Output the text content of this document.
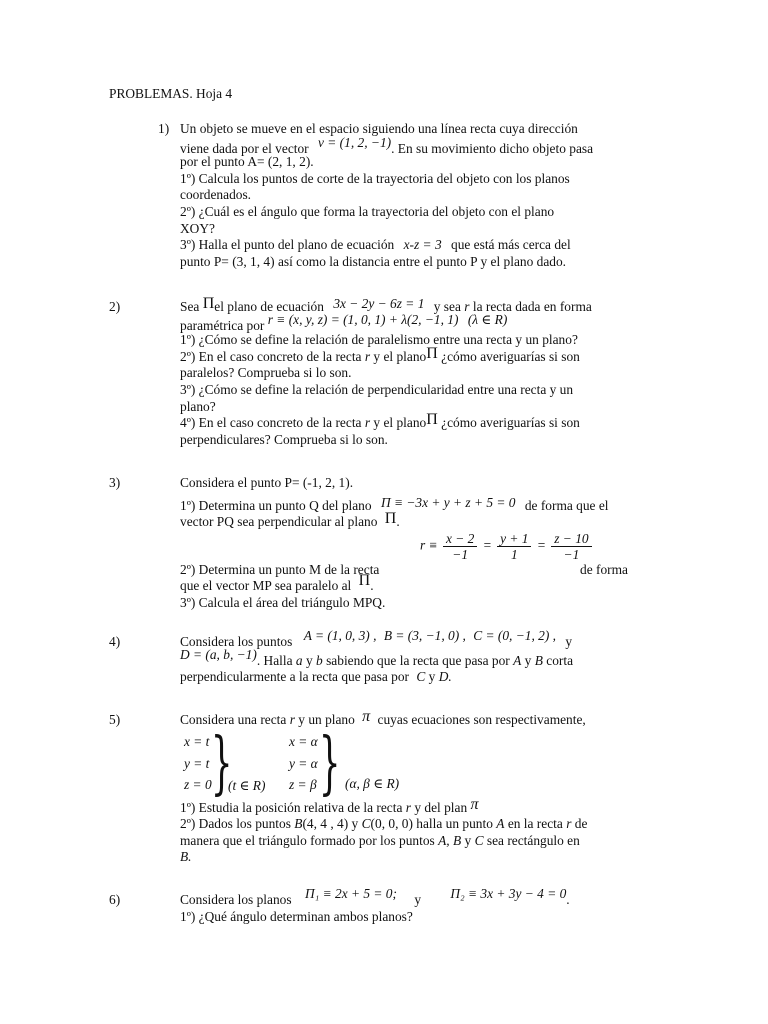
PROBLEMAS. Hoja 4
1) Un objeto se mueve en el espacio siguiendo una línea recta cuya dirección
viene dada por el vector v = (1, 2, −1). En su movimiento dicho objeto pasa
por el punto A= (2, 1, 2).
1º) Calcula los puntos de corte de la trayectoria del objeto con los planos
coordenados.
2º) ¿Cuál es el ángulo que forma la trayectoria del objeto con el plano
XOY?
3º) Halla el punto del plano de ecuación x-z = 3 que está más cerca del
punto P= (3, 1, 4) así como la distancia entre el punto P y el plano dado.
2)	Sea Πel plano de ecuación 3x − 2y − 6z = 1 y sea r la recta dada en forma
paramétrica por r ≡ (x, y, z) = (1, 0, 1) + λ(2, −1, 1) (λ ∈ R)
1º) ¿Cómo se define la relación de paralelismo entre una recta y un plano?
2º) En el caso concreto de la recta r y el planoΠ ¿cómo averiguarías si son
paralelos? Comprueba si lo son.
3º) ¿Cómo se define la relación de perpendicularidad entre una recta y un
plano?
4º) En el caso concreto de la recta r y el planoΠ ¿cómo averiguarías si son
perpendiculares? Comprueba si lo son.
3)	Considera el punto P= (-1, 2, 1).
1º) Determina un punto Q del plano Π ≡ −3x + y + z + 5 = 0 de forma que el
vector PQ sea perpendicular al plano Π.
$r \equiv \frac{x - 2}{-1} = \frac{y + 1}{1} = \frac{z - 10}{-1}$
2º) Determina un punto M de la recta	de forma
que el vector MP sea paralelo al Π.
3º) Calcula el área del triángulo MPQ.
4)	Considera los puntos A = (1, 0, 3) , B = (3, −1, 0) , C = (0, −1, 2) , y
D = (a, b, −1). Halla a y b sabiendo que la recta que pasa por A y B corta
perpendicularmente a la recta que pasa por C y D.
5)	Considera una recta r y un plano π cuyas ecuaciones son respectivamente,
x = t
y = t
z = 0 }
(t ∈ R)
x = α
y = α
z = β } (α, β ∈ R)
1º) Estudia la posición relativa de la recta r y del plan π
2º) Dados los puntos B(4, 4 , 4) y C(0, 0, 0) halla un punto A en la recta r de
manera que el triángulo formado por los puntos A, B y C sea rectángulo en
B.
6)	Considera los planos Π₁ ≡ 2x + 5 = 0; y Π₂ ≡ 3x + 3y − 4 = 0.
1º) ¿Qué ángulo determinan ambos planos?
